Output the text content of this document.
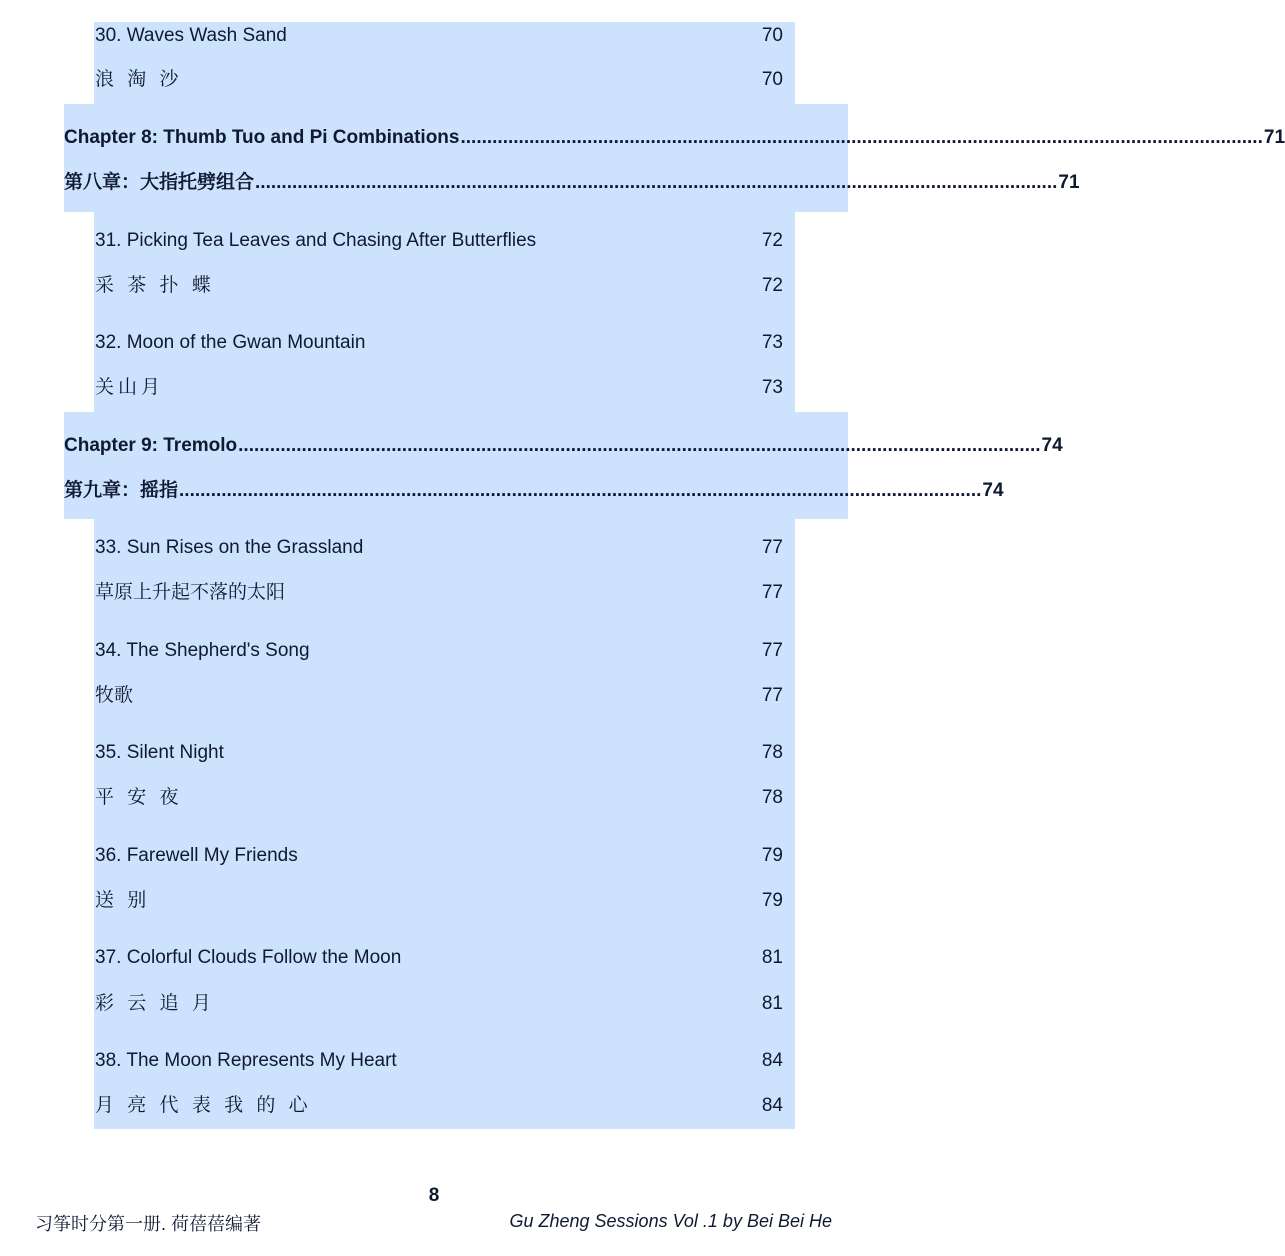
30. Waves Wash Sand	70
浪 淘 沙	70
Chapter 8: Thumb Tuo and Pi Combinations ........................................................................................................................................................ 71
第八章：大指托劈组合 ........................................................................................................................................................ 71
31. Picking Tea Leaves and Chasing After Butterflies	72
采 茶 扑 蝶	72
32. Moon of the Gwan Mountain	73
关山月	73
Chapter 9: Tremolo ........................................................................................................................................................ 74
第九章：摇指 ........................................................................................................................................................ 74
33. Sun Rises on the Grassland	77
草原上升起不落的太阳	77
34. The Shepherd's Song	77
牧歌	77
35. Silent Night	78
平 安 夜	78
36. Farewell My Friends	79
送 别	79
37. Colorful Clouds Follow the Moon	81
彩 云 追 月	81
38. The Moon Represents My Heart	84
月 亮 代 表 我 的 心	84
8
习筝时分第一册. 荷蓓蓓编著	Gu Zheng Sessions Vol .1 by Bei Bei He
